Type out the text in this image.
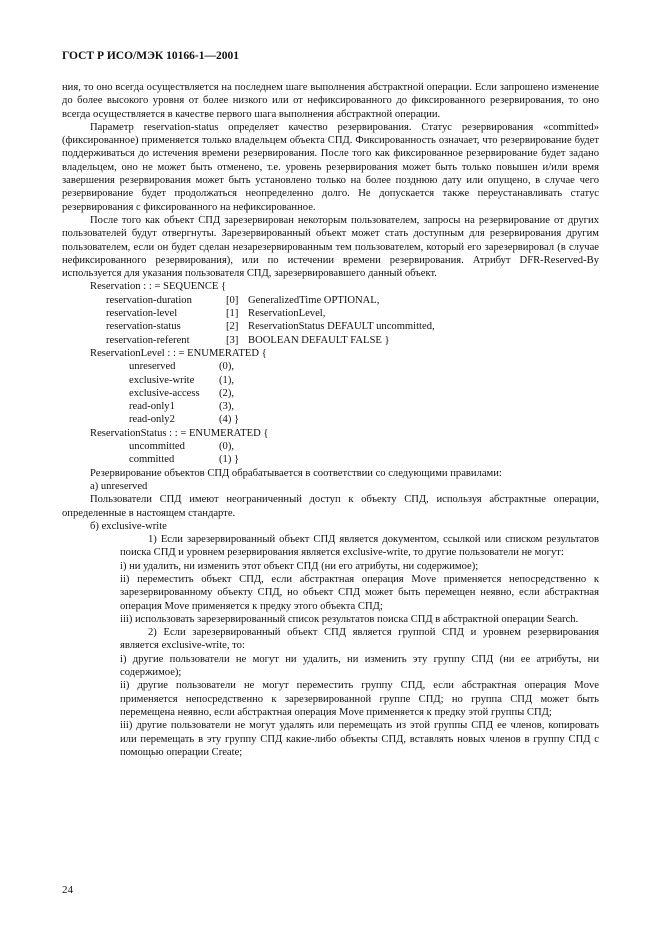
ГОСТ Р ИСО/МЭК 10166-1—2001

ния, то оно всегда осуществляется на последнем шаге выполнения абстрактной операции. Если запрошено изменение до более высокого уровня от более низкого или от нефиксированного до фиксированного резервирования, то оно всегда осуществляется в качестве первого шага выполнения абстрактной операции.

Параметр reservation-status определяет качество резервирования. Статус резервирования «committed» (фиксированное) применяется только владельцем объекта СПД. Фиксированность означает, что резервирование будет поддерживаться до истечения времени резервирования. После того как фиксированное резервирование будет задано владельцем, оно не может быть отменено, т.е. уровень резервирования может быть только повышен и/или время завершения резервирования может быть установлено только на более позднюю дату или опущено, в случае чего резервирование будет продолжаться неопределенно долго. Не допускается также переустанавливать статус резервирования с фиксированного на нефиксированное.

После того как объект СПД зарезервирован некоторым пользователем, запросы на резервирование от других пользователей будут отвергнуты. Зарезервированный объект может стать доступным для резервирования другим пользователем, если он будет сделан незарезервированным тем пользователем, который его зарезервировал (в случае нефиксированного резервирования), или по истечении времени резервирования. Атрибут DFR-Reserved-By используется для указания пользователя СПД, зарезервировавшего данный объект.

Reservation : : = SEQUENCE {
reservation-duration	[0] GeneralizedTime OPTIONAL,
reservation-level	[1] ReservationLevel,
reservation-status	[2] ReservationStatus DEFAULT uncommitted,
reservation-referent	[3] BOOLEAN DEFAULT FALSE }
ReservationLevel : : = ENUMERATED {
unreserved	(0),
exclusive-write (1),
exclusive-access (2),
read-only1	(3),
read-only2	(4) }
ReservationStatus : : = ENUMERATED {
uncommitted	(0),
committed	(1) }

Резервирование объектов СПД обрабатывается в соответствии со следующими правилами:

а) unreserved

Пользователи СПД имеют неограниченный доступ к объекту СПД, используя абстрактные операции, определенные в настоящем стандарте.

б) exclusive-write

1) Если зарезервированный объект СПД является документом, ссылкой или списком результатов поиска СПД и уровнем резервирования является exclusive-write, то другие пользователи не могут:

i) ни удалить, ни изменить этот объект СПД (ни его атрибуты, ни содержимое);

ii) переместить объект СПД, если абстрактная операция Move применяется непосредственно к зарезервированному объекту СПД, но объект СПД может быть перемещен неявно, если абстрактная операция Move применяется к предку этого объекта СПД;

iii) использовать зарезервированный список результатов поиска СПД в абстрактной операции Search.

2) Если зарезервированный объект СПД является группой СПД и уровнем резервирования является exclusive-write, то:

i) другие пользователи не могут ни удалить, ни изменить эту группу СПД (ни ее атрибуты, ни содержимое);

ii) другие пользователи не могут переместить группу СПД, если абстрактная операция Move применяется непосредственно к зарезервированной группе СПД; но группа СПД может быть перемещена неявно, если абстрактная операция Move применяется к предку этой группы СПД;

iii) другие пользователи не могут удалять или перемещать из этой группы СПД ее членов, копировать или перемещать в эту группу СПД какие-либо объекты СПД, вставлять новых членов в группу СПД с помощью операции Create;

24
